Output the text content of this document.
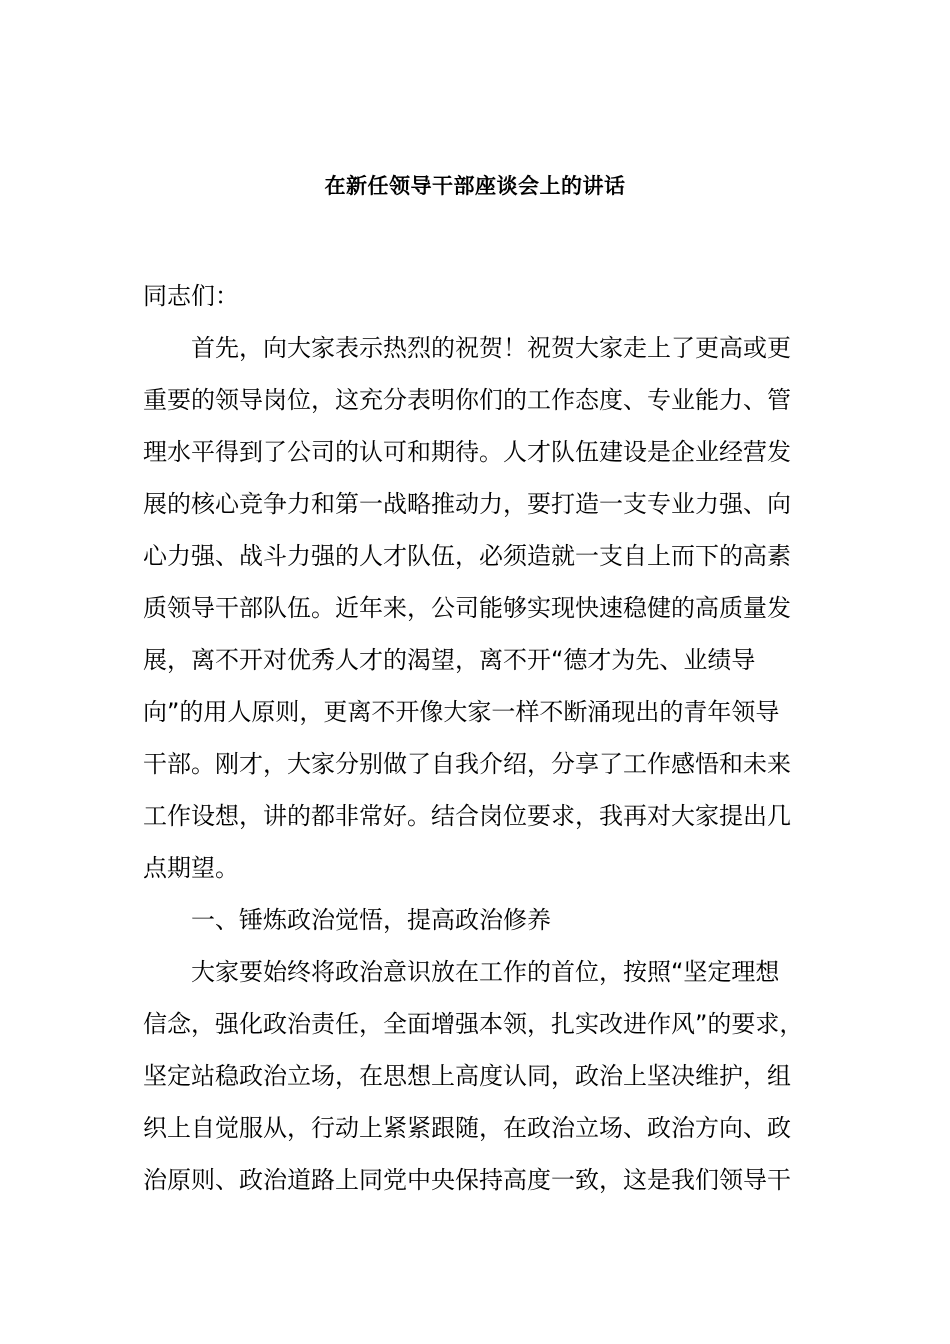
在新任领导干部座谈会上的讲话
同志们：
首先，向大家表示热烈的祝贺！祝贺大家走上了更高或更
重要的领导岗位，这充分表明你们的工作态度、专业能力、管
理水平得到了公司的认可和期待。人才队伍建设是企业经营发
展的核心竞争力和第一战略推动力，要打造一支专业力强、向
心力强、战斗力强的人才队伍，必须造就一支自上而下的高素
质领导干部队伍。近年来，公司能够实现快速稳健的高质量发
展，离不开对优秀人才的渴望，离不开“德才为先、业绩导
向”的用人原则，更离不开像大家一样不断涌现出的青年领导
干部。刚才，大家分别做了自我介绍，分享了工作感悟和未来
工作设想，讲的都非常好。结合岗位要求，我再对大家提出几
点期望。
一、锤炼政治觉悟，提高政治修养
大家要始终将政治意识放在工作的首位，按照“坚定理想
信念，强化政治责任，全面增强本领，扎实改进作风”的要求，
坚定站稳政治立场，在思想上高度认同，政治上坚决维护，组
织上自觉服从，行动上紧紧跟随，在政治立场、政治方向、政
治原则、政治道路上同党中央保持高度一致，这是我们领导干
